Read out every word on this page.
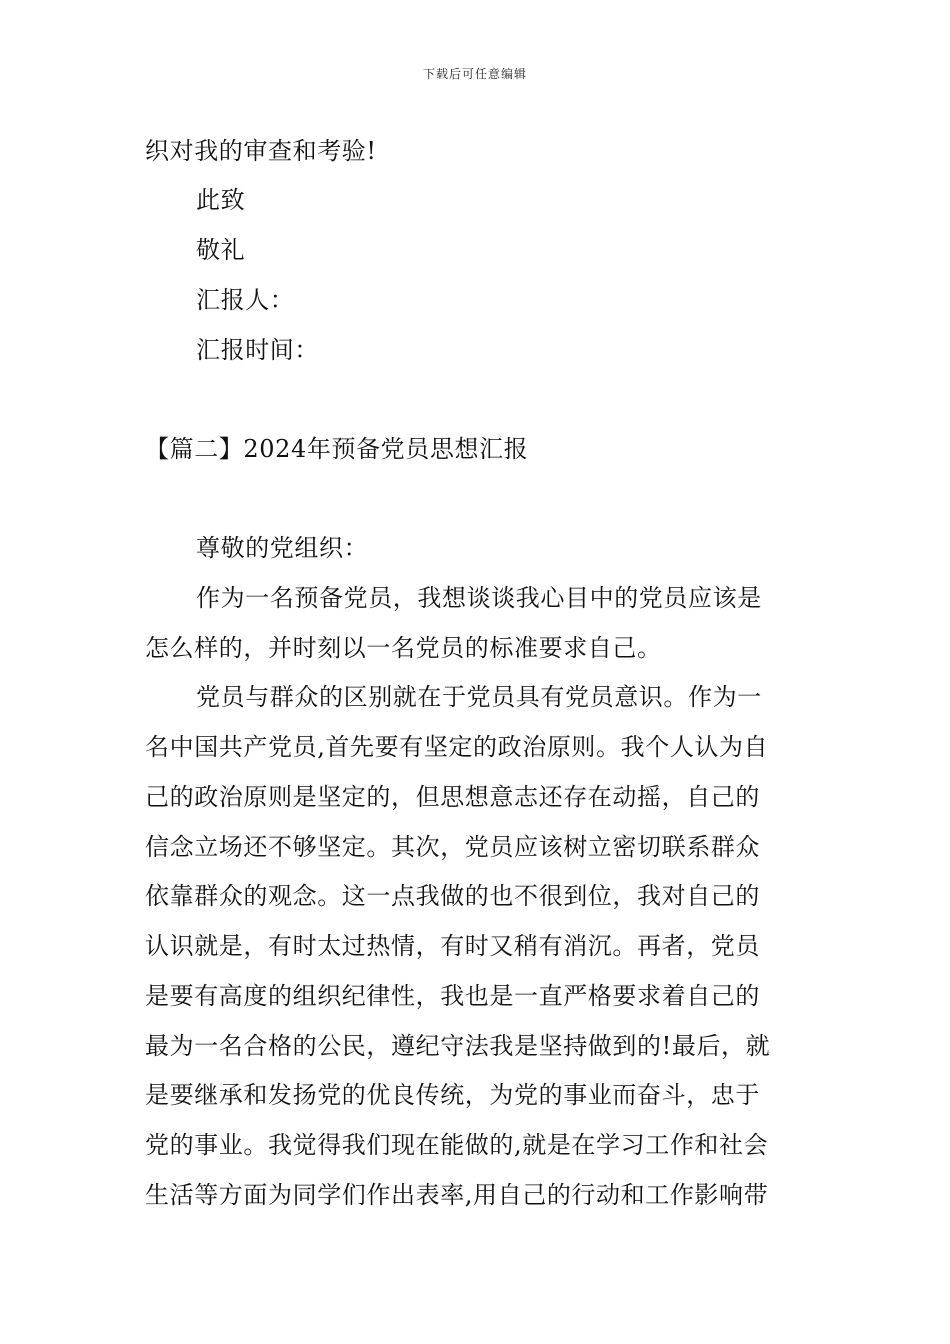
下载后可任意编辑
织对我的审查和考验!
此致
敬礼
汇报人：
汇报时间：
【篇二】2024年预备党员思想汇报
尊敬的党组织：
作为一名预备党员，我想谈谈我心目中的党员应该是
怎么样的，并时刻以一名党员的标准要求自己。
党员与群众的区别就在于党员具有党员意识。作为一
名中国共产党员,首先要有坚定的政治原则。我个人认为自
己的政治原则是坚定的，但思想意志还存在动摇，自己的
信念立场还不够坚定。其次，党员应该树立密切联系群众
依靠群众的观念。这一点我做的也不很到位，我对自己的
认识就是，有时太过热情，有时又稍有消沉。再者，党员
是要有高度的组织纪律性，我也是一直严格要求着自己的
最为一名合格的公民，遵纪守法我是坚持做到的!最后，就
是要继承和发扬党的优良传统，为党的事业而奋斗，忠于
党的事业。我觉得我们现在能做的,就是在学习工作和社会
生活等方面为同学们作出表率,用自己的行动和工作影响带
